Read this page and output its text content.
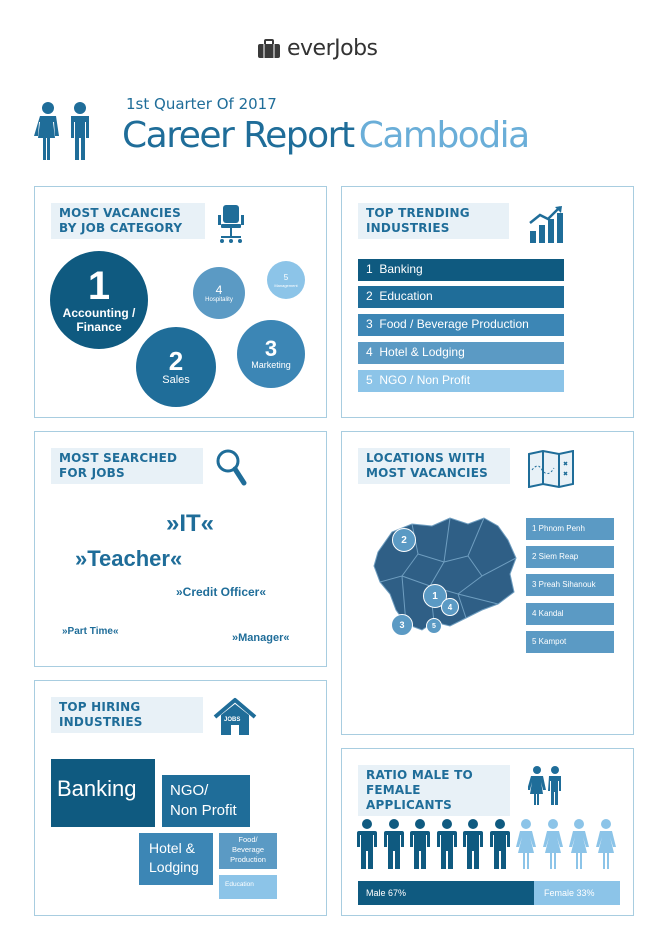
everJobs
1st Quarter Of 2017
Career Report Cambodia
MOST VACANCIES
BY JOB CATEGORY
1
Accounting /
Finance
2
Sales
3
Marketing
4
Hospitality
5
Management
TOP TRENDING
INDUSTRIES
1 Banking
2 Education
3 Food / Beverage Production
4 Hotel & Lodging
5 NGO / Non Profit
MOST SEARCHED
FOR JOBS
»IT«
»Teacher«
»Credit Officer«
»Part Time«
»Manager«
LOCATIONS WITH
MOST VACANCIES
1
2
3
4
5
1 Phnom Penh
2 Siem Reap
3 Preah Sihanouk
4 Kandal
5 Kampot
TOP HIRING
INDUSTRIES	JOBS
Banking	NGO/
Non Profit
Hotel &
Lodging
Food/
Beverage
Production
Education
RATIO MALE TO
FEMALE APPLICANTS
Male 67%	Female 33%
